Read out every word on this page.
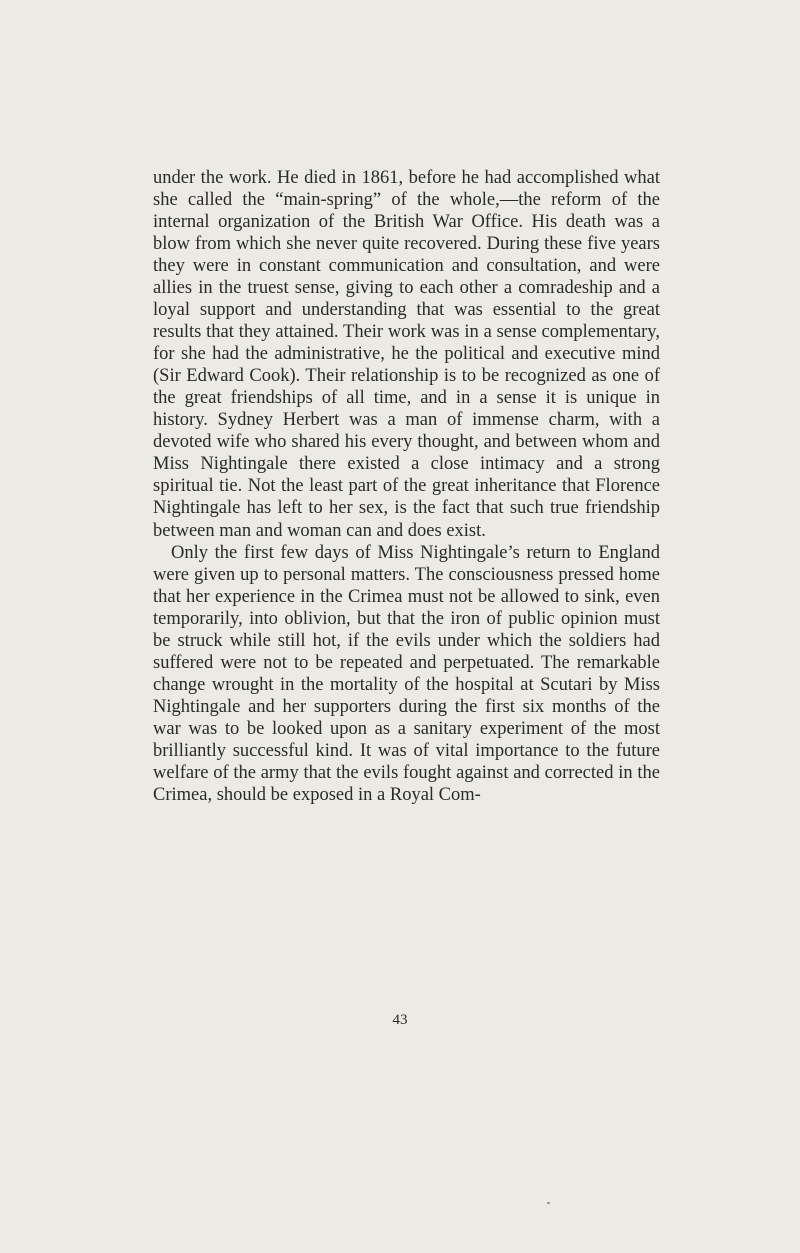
under the work. He died in 1861, before he had accomplished what she called the “main-spring” of the whole,—the reform of the internal organization of the British War Office. His death was a blow from which she never quite recovered. During these five years they were in constant communication and consultation, and were allies in the truest sense, giving to each other a comradeship and a loyal support and understanding that was essential to the great results that they attained. Their work was in a sense complementary, for she had the administrative, he the political and executive mind (Sir Edward Cook). Their relationship is to be recognized as one of the great friendships of all time, and in a sense it is unique in history. Sydney Herbert was a man of immense charm, with a devoted wife who shared his every thought, and between whom and Miss Nightingale there existed a close intimacy and a strong spiritual tie. Not the least part of the great inheritance that Florence Nightingale has left to her sex, is the fact that such true friendship between man and woman can and does exist.

Only the first few days of Miss Nightingale’s return to England were given up to personal matters. The consciousness pressed home that her experience in the Crimea must not be allowed to sink, even temporarily, into oblivion, but that the iron of public opinion must be struck while still hot, if the evils under which the soldiers had suffered were not to be repeated and perpetuated. The remarkable change wrought in the mortality of the hospital at Scutari by Miss Nightingale and her supporters during the first six months of the war was to be looked upon as a sanitary experiment of the most brilliantly successful kind. It was of vital importance to the future welfare of the army that the evils fought against and corrected in the Crimea, should be exposed in a Royal Com-

43
